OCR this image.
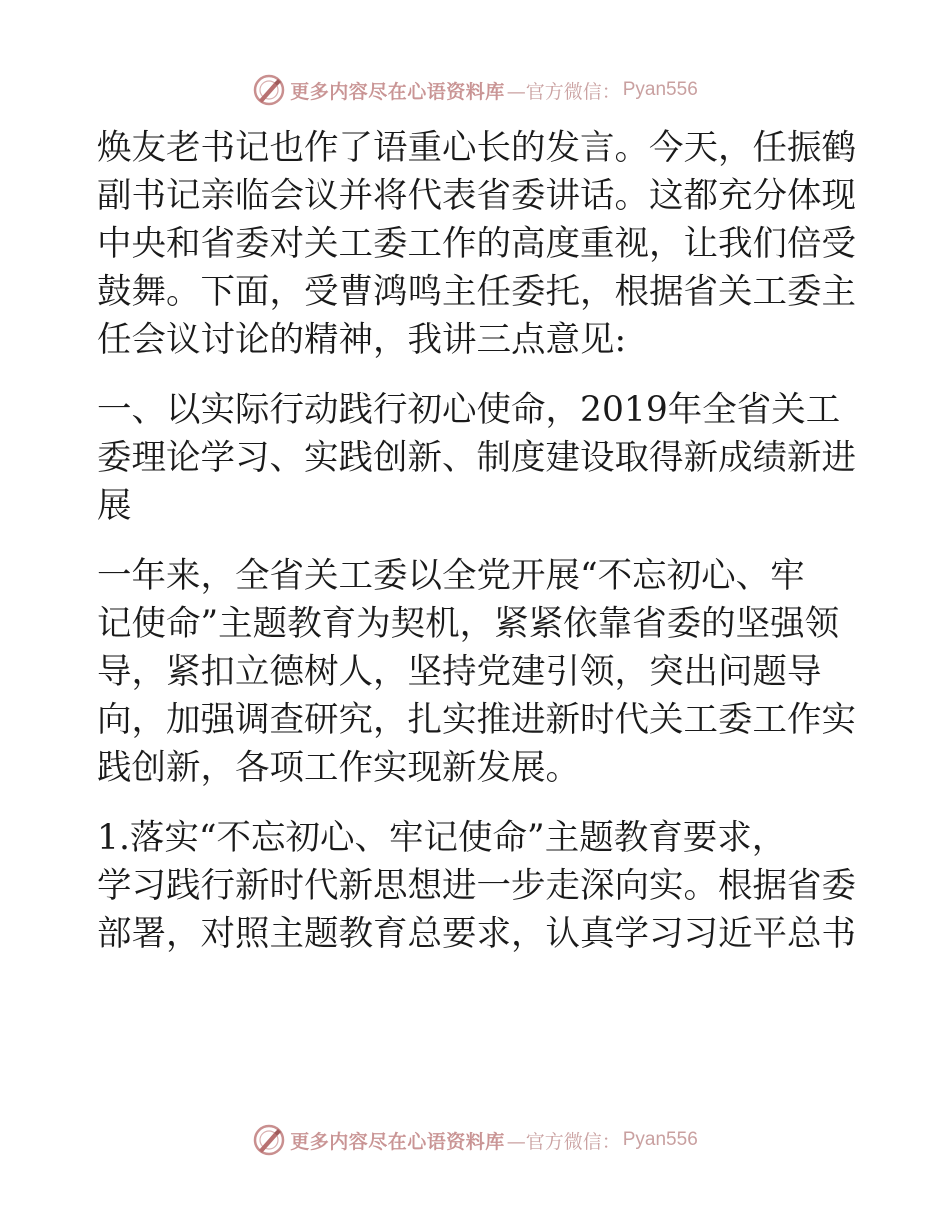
更多内容尽在心语资料库 —官方微信： Pyan556
焕友老书记也作了语重心长的发言。今天，任振鹤
副书记亲临会议并将代表省委讲话。这都充分体现
中央和省委对关工委工作的高度重视，让我们倍受
鼓舞。下面，受曹鸿鸣主任委托，根据省关工委主
任会议讨论的精神，我讲三点意见:
一、以实际行动践行初心使命，2019年全省关工
委理论学习、实践创新、制度建设取得新成绩新进
展
一年来，全省关工委以全党开展“不忘初心、牢
记使命”主题教育为契机，紧紧依靠省委的坚强领
导，紧扣立德树人，坚持党建引领，突出问题导
向，加强调查研究，扎实推进新时代关工委工作实
践创新，各项工作实现新发展。
1.落实“不忘初心、牢记使命”主题教育要求，
学习践行新时代新思想进一步走深向实。根据省委
部署，对照主题教育总要求，认真学习习近平总书
更多内容尽在心语资料库 —官方微信： Pyan556
